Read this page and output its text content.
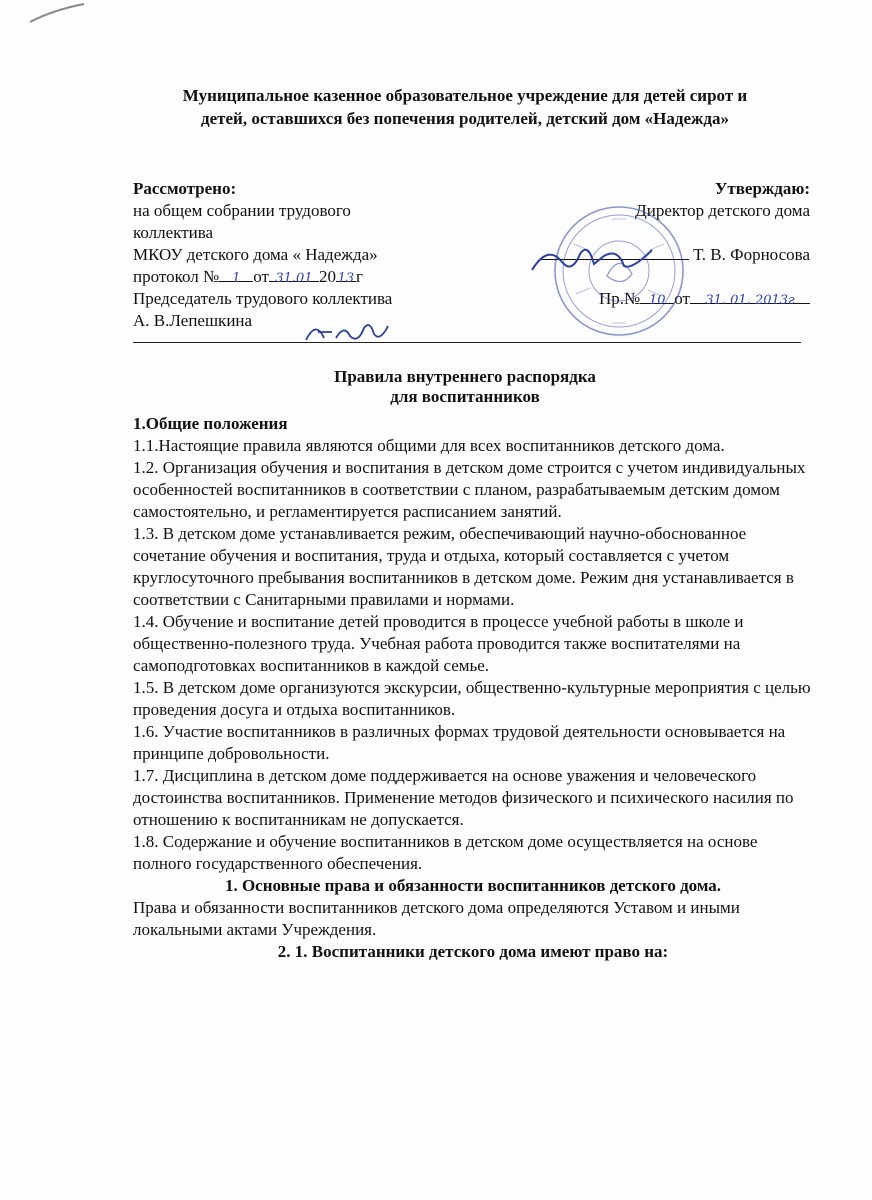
Муниципальное казенное образовательное учреждение для детей сирот и
детей, оставшихся без попечения родителей, детский дом «Надежда»
Рассмотрено:
на общем собрании трудового
коллектива
МКОУ детского дома « Надежда»
протокол № 1 от 31.01 20 13 г
Председатель трудового коллектива
А. В.Лепешкина
Утверждаю:
Директор детского дома
Т. В. Форносова
Пр.№ 10 от 31. 01. 2013г
Правила внутреннего распорядка
для воспитанников

1.Общие положения

1.1.Настоящие правила являются общими для всех воспитанников детского дома.

1.2. Организация обучения и воспитания в детском доме строится с учетом индивидуальных особенностей воспитанников в соответствии с планом, разрабатываемым детским домом самостоятельно, и регламентируется расписанием занятий.

1.3. В детском доме устанавливается режим, обеспечивающий научно-обоснованное сочетание обучения и воспитания, труда и отдыха, который составляется с учетом круглосуточного пребывания воспитанников в детском доме. Режим дня устанавливается в соответствии с Санитарными правилами и нормами.

1.4. Обучение и воспитание детей проводится в процессе учебной работы в школе и общественно-полезного труда. Учебная работа проводится также воспитателями на самоподготовках воспитанников в каждой семье.

1.5. В детском доме организуются экскурсии, общественно-культурные мероприятия с целью проведения досуга и отдыха воспитанников.

1.6. Участие воспитанников в различных формах трудовой деятельности основывается на принципе добровольности.

1.7. Дисциплина в детском доме поддерживается на основе уважения и человеческого достоинства воспитанников. Применение методов физического и психического насилия по отношению к воспитанникам не допускается.

1.8. Содержание и обучение воспитанников в детском доме осуществляется на основе полного государственного обеспечения.

1. Основные права и обязанности воспитанников детского дома.

Права и обязанности воспитанников детского дома определяются Уставом и иными локальными актами Учреждения.

2. 1. Воспитанники детского дома имеют право на:
